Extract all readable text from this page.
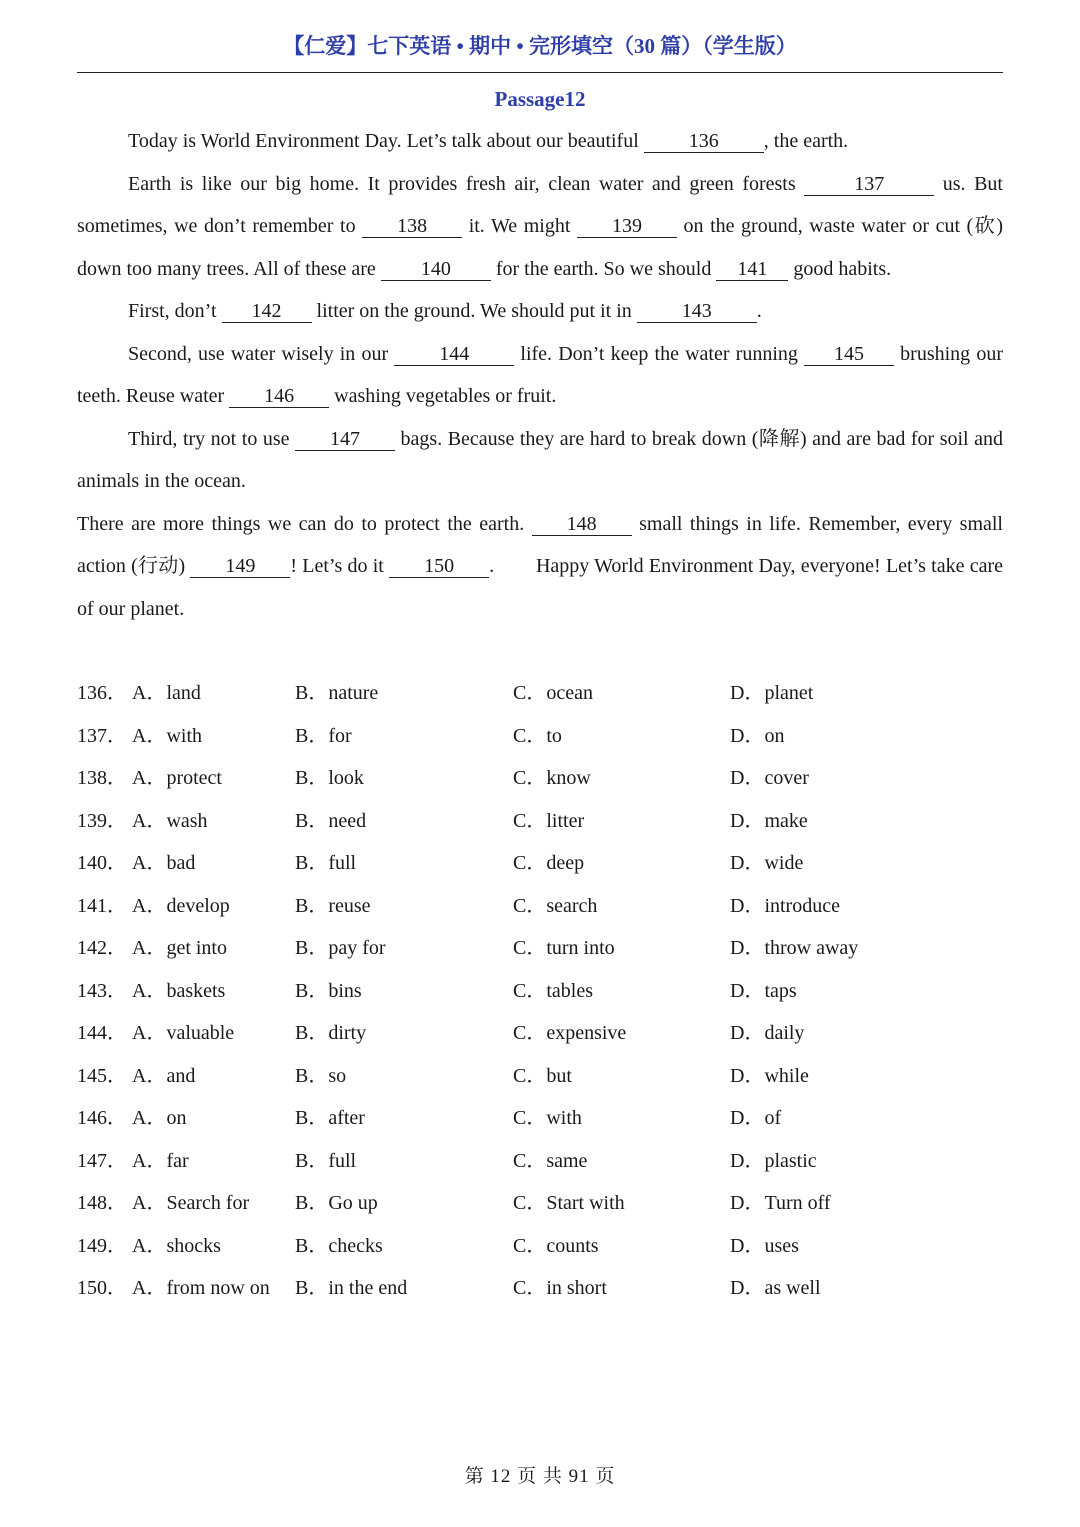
【仁爱】七下英语 • 期中 • 完形填空（30 篇）（学生版）
Passage12

Today is World Environment Day. Let’s talk about our beautiful 136 , the earth.

Earth is like our big home. It provides fresh air, clean water and green forests	137	us. But sometimes, we don’t remember to 138 it. We might 139 on the ground, waste water or cut (砍) down too many trees. All of these are 140 for the earth. So we should 141 good habits.

First, don’t 142 litter on the ground. We should put it in 143 .

Second, use water wisely in our 144 life. Don’t keep the water running 145 brushing our teeth. Reuse water 146 washing vegetables or fruit.

Third, try not to use 147 bags. Because they are hard to break down (降解) and are bad for soil and animals in the ocean.

There are more things we can do to protect the earth. 148 small things in life. Remember, every small action (行动) 149 ! Let’s do it 150 . Happy World Environment Day, everyone! Let’s take care of our planet.

136． A．land	B．nature	C．ocean	D．planet
137． A．with	B．for	C．to	D．on
138． A．protect	B．look	C．know	D．cover
139． A．wash	B．need	C．litter	D．make
140． A．bad	B．full	C．deep	D．wide
141． A．develop	B．reuse	C．search	D．introduce
142． A．get into	B．pay for	C．turn into	D．throw away
143． A．baskets	B．bins	C．tables	D．taps
144． A．valuable	B．dirty	C．expensive	D．daily
145． A．and	B．so	C．but	D．while
146． A．on	B．after	C．with	D．of
147． A．far	B．full	C．same	D．plastic
148． A．Search for B．Go up	C．Start with	D．Turn off
149． A．shocks	B．checks	C．counts	D．uses
150． A．from now on B．in the end	C．in short	D．as well
第 12 页 共 91 页
